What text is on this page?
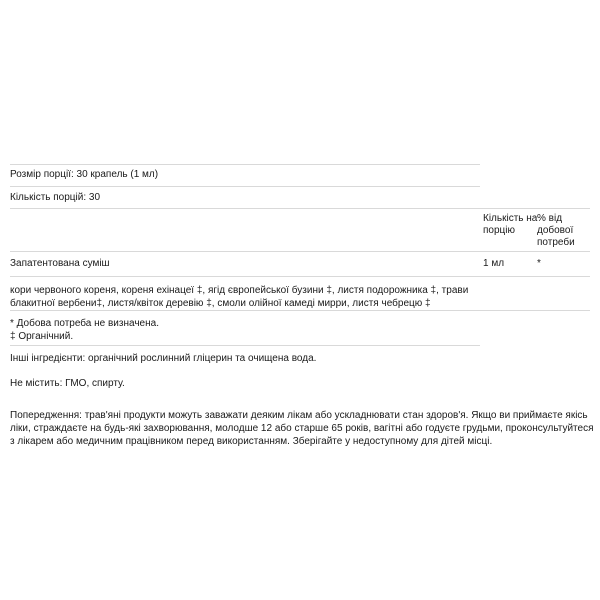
Розмір порції: 30 крапель (1 мл)
Кількість порцій: 30
Кількість на порцію
% від добової потреби
Запатентована суміш	1 мл	*
кори червоного кореня, кореня ехінацеї ‡, ягід європейської бузини ‡, листя подорожника ‡, трави блакитної вербени‡, листя/квіток деревію ‡, смоли олійної камеді мирри, листя чебрецю ‡
* Добова потреба не визначена.
‡ Органічний.
Інші інгредієнти: органічний рослинний гліцерин та очищена вода.
Не містить: ГМО, спирту.
Попередження: трав'яні продукти можуть заважати деяким лікам або ускладнювати стан здоров'я. Якщо ви приймаєте якісь ліки, страждаєте на будь-які захворювання, молодше 12 або старше 65 років, вагітні або годуєте грудьми, проконсультуйтеся з лікарем або медичним працівником перед використанням. Зберігайте у недоступному для дітей місці.
